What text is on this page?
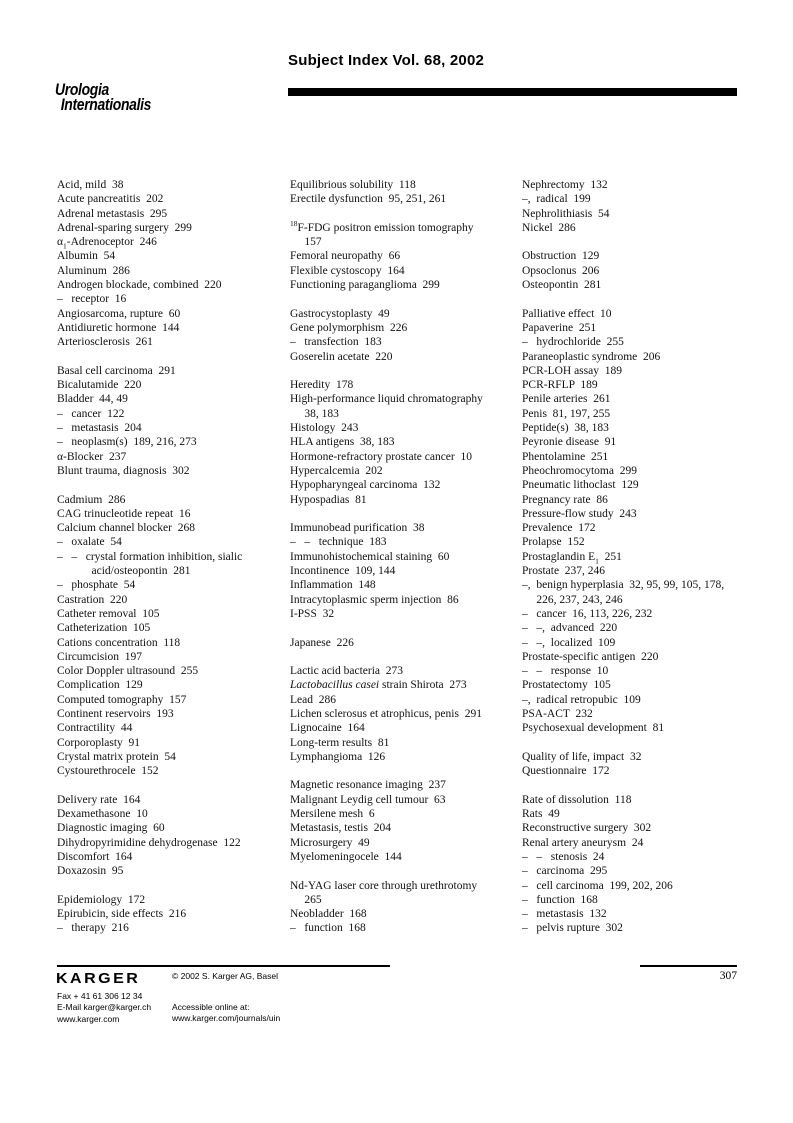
Subject Index Vol. 68, 2002
Urologia
Internationalis
Acid, mild  38
Acute pancreatitis  202
Adrenal metastasis  295
Adrenal-sparing surgery  299
$\alpha_1$-Adrenoceptor  246
Albumin  54
Aluminum  286
Androgen blockade, combined  220
–   receptor  16
Angiosarcoma, rupture  60
Antidiuretic hormone  144
Arteriosclerosis  261
Basal cell carcinoma  291
Bicalutamide  220
Bladder  44, 49
–   cancer  122
–   metastasis  204
–   neoplasm(s)  189, 216, 273
α-Blocker  237
Blunt trauma, diagnosis  302
Cadmium  286
CAG trinucleotide repeat  16
Calcium channel blocker  268
–   oxalate  54
–   –   crystal formation inhibition, sialic
acid/osteopontin  281
–   phosphate  54
Castration  220
Catheter removal  105
Catheterization  105
Cations concentration  118
Circumcision  197
Color Doppler ultrasound  255
Complication  129
Computed tomography  157
Continent reservoirs  193
Contractility  44
Corporoplasty  91
Crystal matrix protein  54
Cystourethrocele  152
Delivery rate  164
Dexamethasone  10
Diagnostic imaging  60
Dihydropyrimidine dehydrogenase  122
Discomfort  164
Doxazosin  95
Epidemiology  172
Epirubicin, side effects  216
–   therapy  216
Equilibrious solubility  118
Erectile dysfunction  95, 251, 261
$^{18}$F-FDG positron emission tomography
157
Femoral neuropathy  66
Flexible cystoscopy  164
Functioning paraganglioma  299
Gastrocystoplasty  49
Gene polymorphism  226
–   transfection  183
Goserelin acetate  220
Heredity  178
High-performance liquid chromatography
38, 183
Histology  243
HLA antigens  38, 183
Hormone-refractory prostate cancer  10
Hypercalcemia  202
Hypopharyngeal carcinoma  132
Hypospadias  81
Immunobead purification  38
–   –   technique  183
Immunohistochemical staining  60
Incontinence  109, 144
Inflammation  148
Intracytoplasmic sperm injection  86
I-PSS  32
Japanese  226
Lactic acid bacteria  273
Lactobacillus casei strain Shirota  273
Lead  286
Lichen sclerosus et atrophicus, penis  291
Lignocaine  164
Long-term results  81
Lymphangioma  126
Magnetic resonance imaging  237
Malignant Leydig cell tumour  63
Mersilene mesh  6
Metastasis, testis  204
Microsurgery  49
Myelomeningocele  144
Nd-YAG laser core through urethrotomy
265
Neobladder  168
–   function  168
Nephrectomy  132
–,  radical  199
Nephrolithiasis  54
Nickel  286
Obstruction  129
Opsoclonus  206
Osteopontin  281
Palliative effect  10
Papaverine  251
–   hydrochloride  255
Paraneoplastic syndrome  206
PCR-LOH assay  189
PCR-RFLP  189
Penile arteries  261
Penis  81, 197, 255
Peptide(s)  38, 183
Peyronie disease  91
Phentolamine  251
Pheochromocytoma  299
Pneumatic lithoclast  129
Pregnancy rate  86
Pressure-flow study  243
Prevalence  172
Prolapse  152
Prostaglandin $E_1$  251
Prostate  237, 246
–,  benign hyperplasia  32, 95, 99, 105, 178,
226, 237, 243, 246
–   cancer  16, 113, 226, 232
–   –,  advanced  220
–   –,  localized  109
Prostate-specific antigen  220
–   –   response  10
Prostatectomy  105
–,  radical retropubic  109
PSA-ACT  232
Psychosexual development  81
Quality of life, impact  32
Questionnaire  172
Rate of dissolution  118
Rats  49
Reconstructive surgery  302
Renal artery aneurysm  24
–   –   stenosis  24
–   carcinoma  295
–   cell carcinoma  199, 202, 206
–   function  168
–   metastasis  132
–   pelvis rupture  302
KARGER	© 2002 S. Karger AG, Basel
Fax + 41 61 306 12 34
E-Mail karger@karger.ch
www.karger.com
Accessible online at:
www.karger.com/journals/uin
307
